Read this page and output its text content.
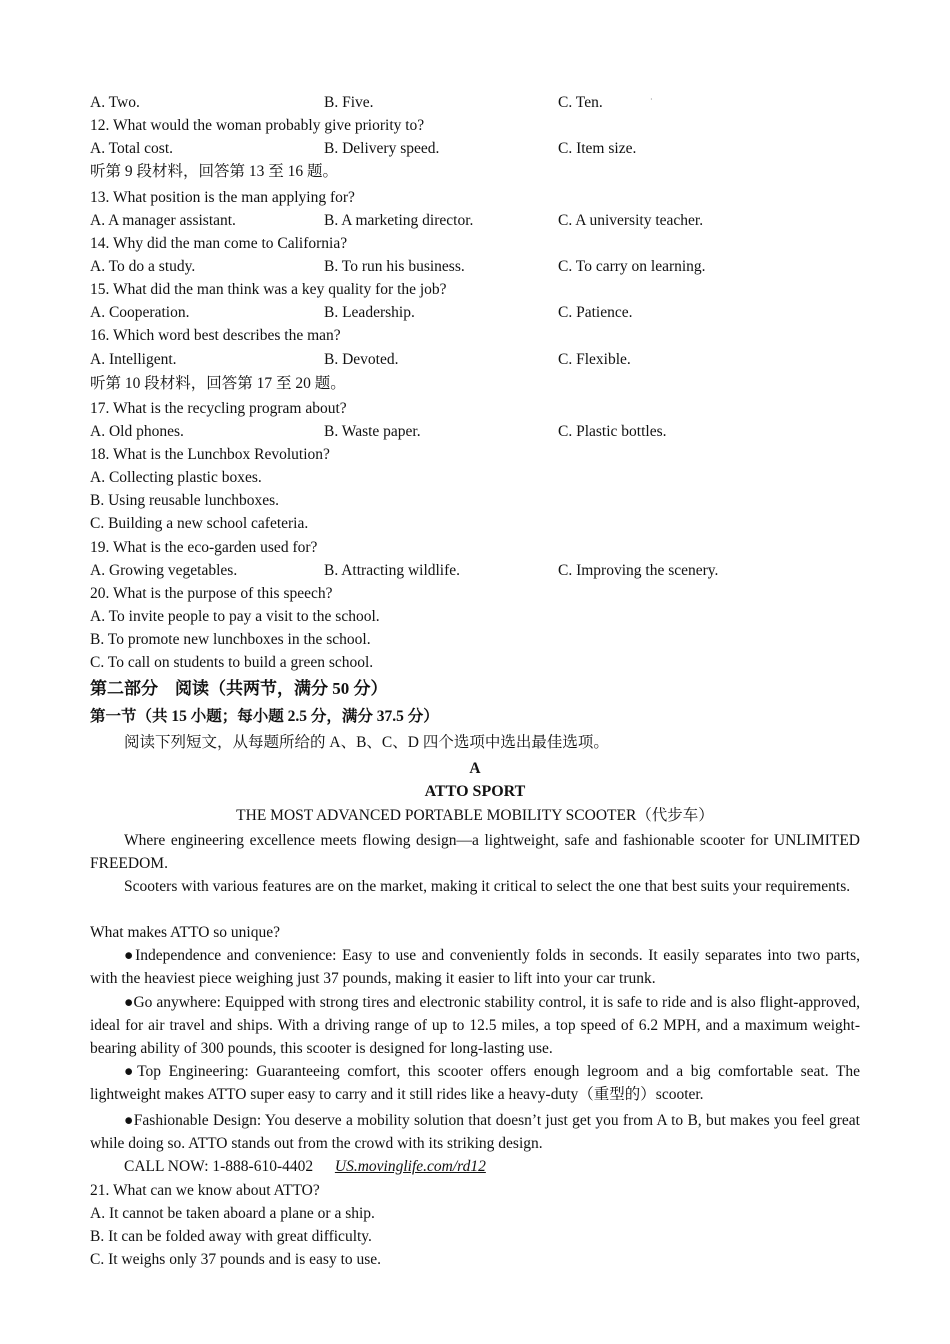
·
A. Two.	B. Five.	C. Ten.
12. What would the woman probably give priority to?
A. Total cost.	B. Delivery speed.	C. Item size.
听第 9 段材料，回答第 13 至 16 题。
13. What position is the man applying for?
A. A manager assistant.	B. A marketing director.	C. A university teacher.
14. Why did the man come to California?
A. To do a study.	B. To run his business.	C. To carry on learning.
15. What did the man think was a key quality for the job?
A. Cooperation.	B. Leadership.	C. Patience.
16. Which word best describes the man?
A. Intelligent.	B. Devoted.	C. Flexible.
听第 10 段材料，回答第 17 至 20 题。
17. What is the recycling program about?
A. Old phones.	B. Waste paper.	C. Plastic bottles.
18. What is the Lunchbox Revolution?
A. Collecting plastic boxes.
B. Using reusable lunchboxes.
C. Building a new school cafeteria.
19. What is the eco-garden used for?
A. Growing vegetables.	B. Attracting wildlife.	C. Improving the scenery.
20. What is the purpose of this speech?
A. To invite people to pay a visit to the school.
B. To promote new lunchboxes in the school.
C. To call on students to build a green school.
第二部分　阅读（共两节，满分 50 分）
第一节（共 15 小题；每小题 2.5 分，满分 37.5 分）
阅读下列短文，从每题所给的 A、B、C、D 四个选项中选出最佳选项。
A
ATTO SPORT
THE MOST ADVANCED PORTABLE MOBILITY SCOOTER（代步车）
Where engineering excellence meets flowing design—a lightweight, safe and fashionable scooter for UNLIMITED FREEDOM.
Scooters with various features are on the market, making it critical to select the one that best suits your requirements.
What makes ATTO so unique?
●Independence and convenience: Easy to use and conveniently folds in seconds. It easily separates into two parts, with the heaviest piece weighing just 37 pounds, making it easier to lift into your car trunk.
●Go anywhere: Equipped with strong tires and electronic stability control, it is safe to ride and is also flight-approved, ideal for air travel and ships. With a driving range of up to 12.5 miles, a top speed of 6.2 MPH, and a maximum weight-bearing ability of 300 pounds, this scooter is designed for long-lasting use.
●Top Engineering: Guaranteeing comfort, this scooter offers enough legroom and a big comfortable seat. The lightweight makes ATTO super easy to carry and it still rides like a heavy-duty（重型的）scooter.
●Fashionable Design: You deserve a mobility solution that doesn’t just get you from A to B, but makes you feel great while doing so. ATTO stands out from the crowd with its striking design.
CALL NOW: 1-888-610-4402 US.movinglife.com/rd12
21. What can we know about ATTO?
A. It cannot be taken aboard a plane or a ship.
B. It can be folded away with great difficulty.
C. It weighs only 37 pounds and is easy to use.
